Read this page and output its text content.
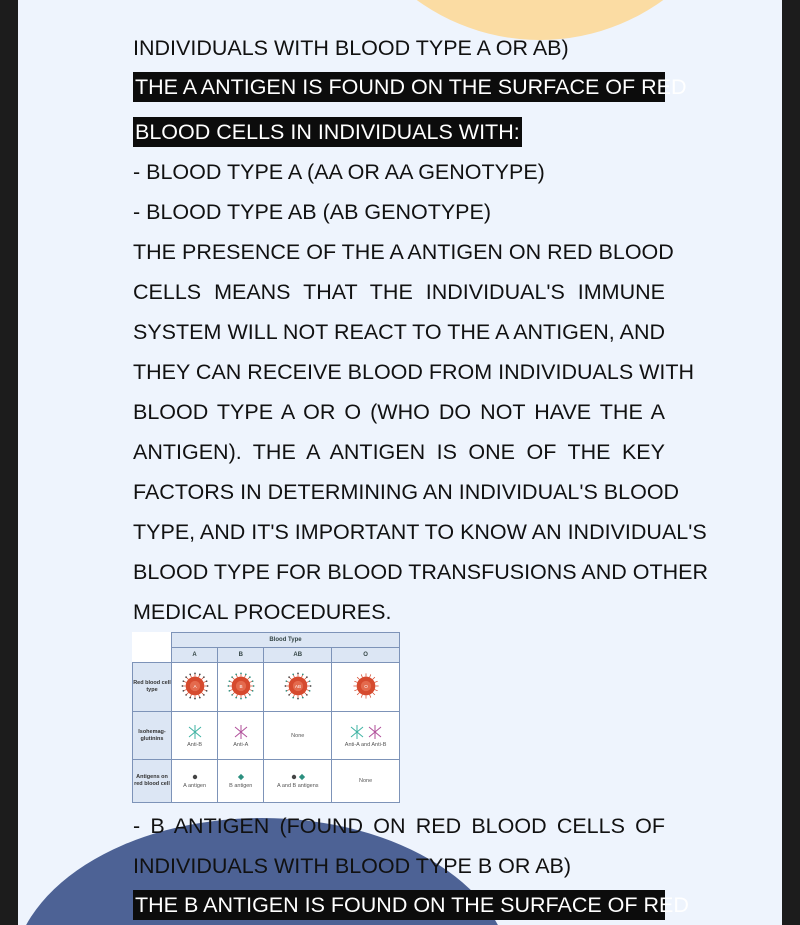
INDIVIDUALS WITH BLOOD TYPE A OR AB)
THE A ANTIGEN IS FOUND ON THE SURFACE OF RED
BLOOD CELLS IN INDIVIDUALS WITH:
- BLOOD TYPE A (AA OR AA GENOTYPE)
- BLOOD TYPE AB (AB GENOTYPE)
THE PRESENCE OF THE A ANTIGEN ON RED BLOOD
CELLS MEANS THAT THE INDIVIDUAL'S IMMUNE
SYSTEM WILL NOT REACT TO THE A ANTIGEN, AND
THEY CAN RECEIVE BLOOD FROM INDIVIDUALS WITH
BLOOD TYPE A OR O (WHO DO NOT HAVE THE A
ANTIGEN). THE A ANTIGEN IS ONE OF THE KEY
FACTORS IN DETERMINING AN INDIVIDUAL'S BLOOD
TYPE, AND IT'S IMPORTANT TO KNOW AN INDIVIDUAL'S
BLOOD TYPE FOR BLOOD TRANSFUSIONS AND OTHER
MEDICAL PROCEDURES.
	Blood Type			
	A	B	AB	O
Red blood cell type	A	B	AB	O

Isohemag-glutinins	Anti-B	Anti-A	None	Anti-A and Anti-B

Antigens on red blood cell	A antigen	B antigen	A and B antigens	None
- B ANTIGEN (FOUND ON RED BLOOD CELLS OF
INDIVIDUALS WITH BLOOD TYPE B OR AB)
THE B ANTIGEN IS FOUND ON THE SURFACE OF RED
